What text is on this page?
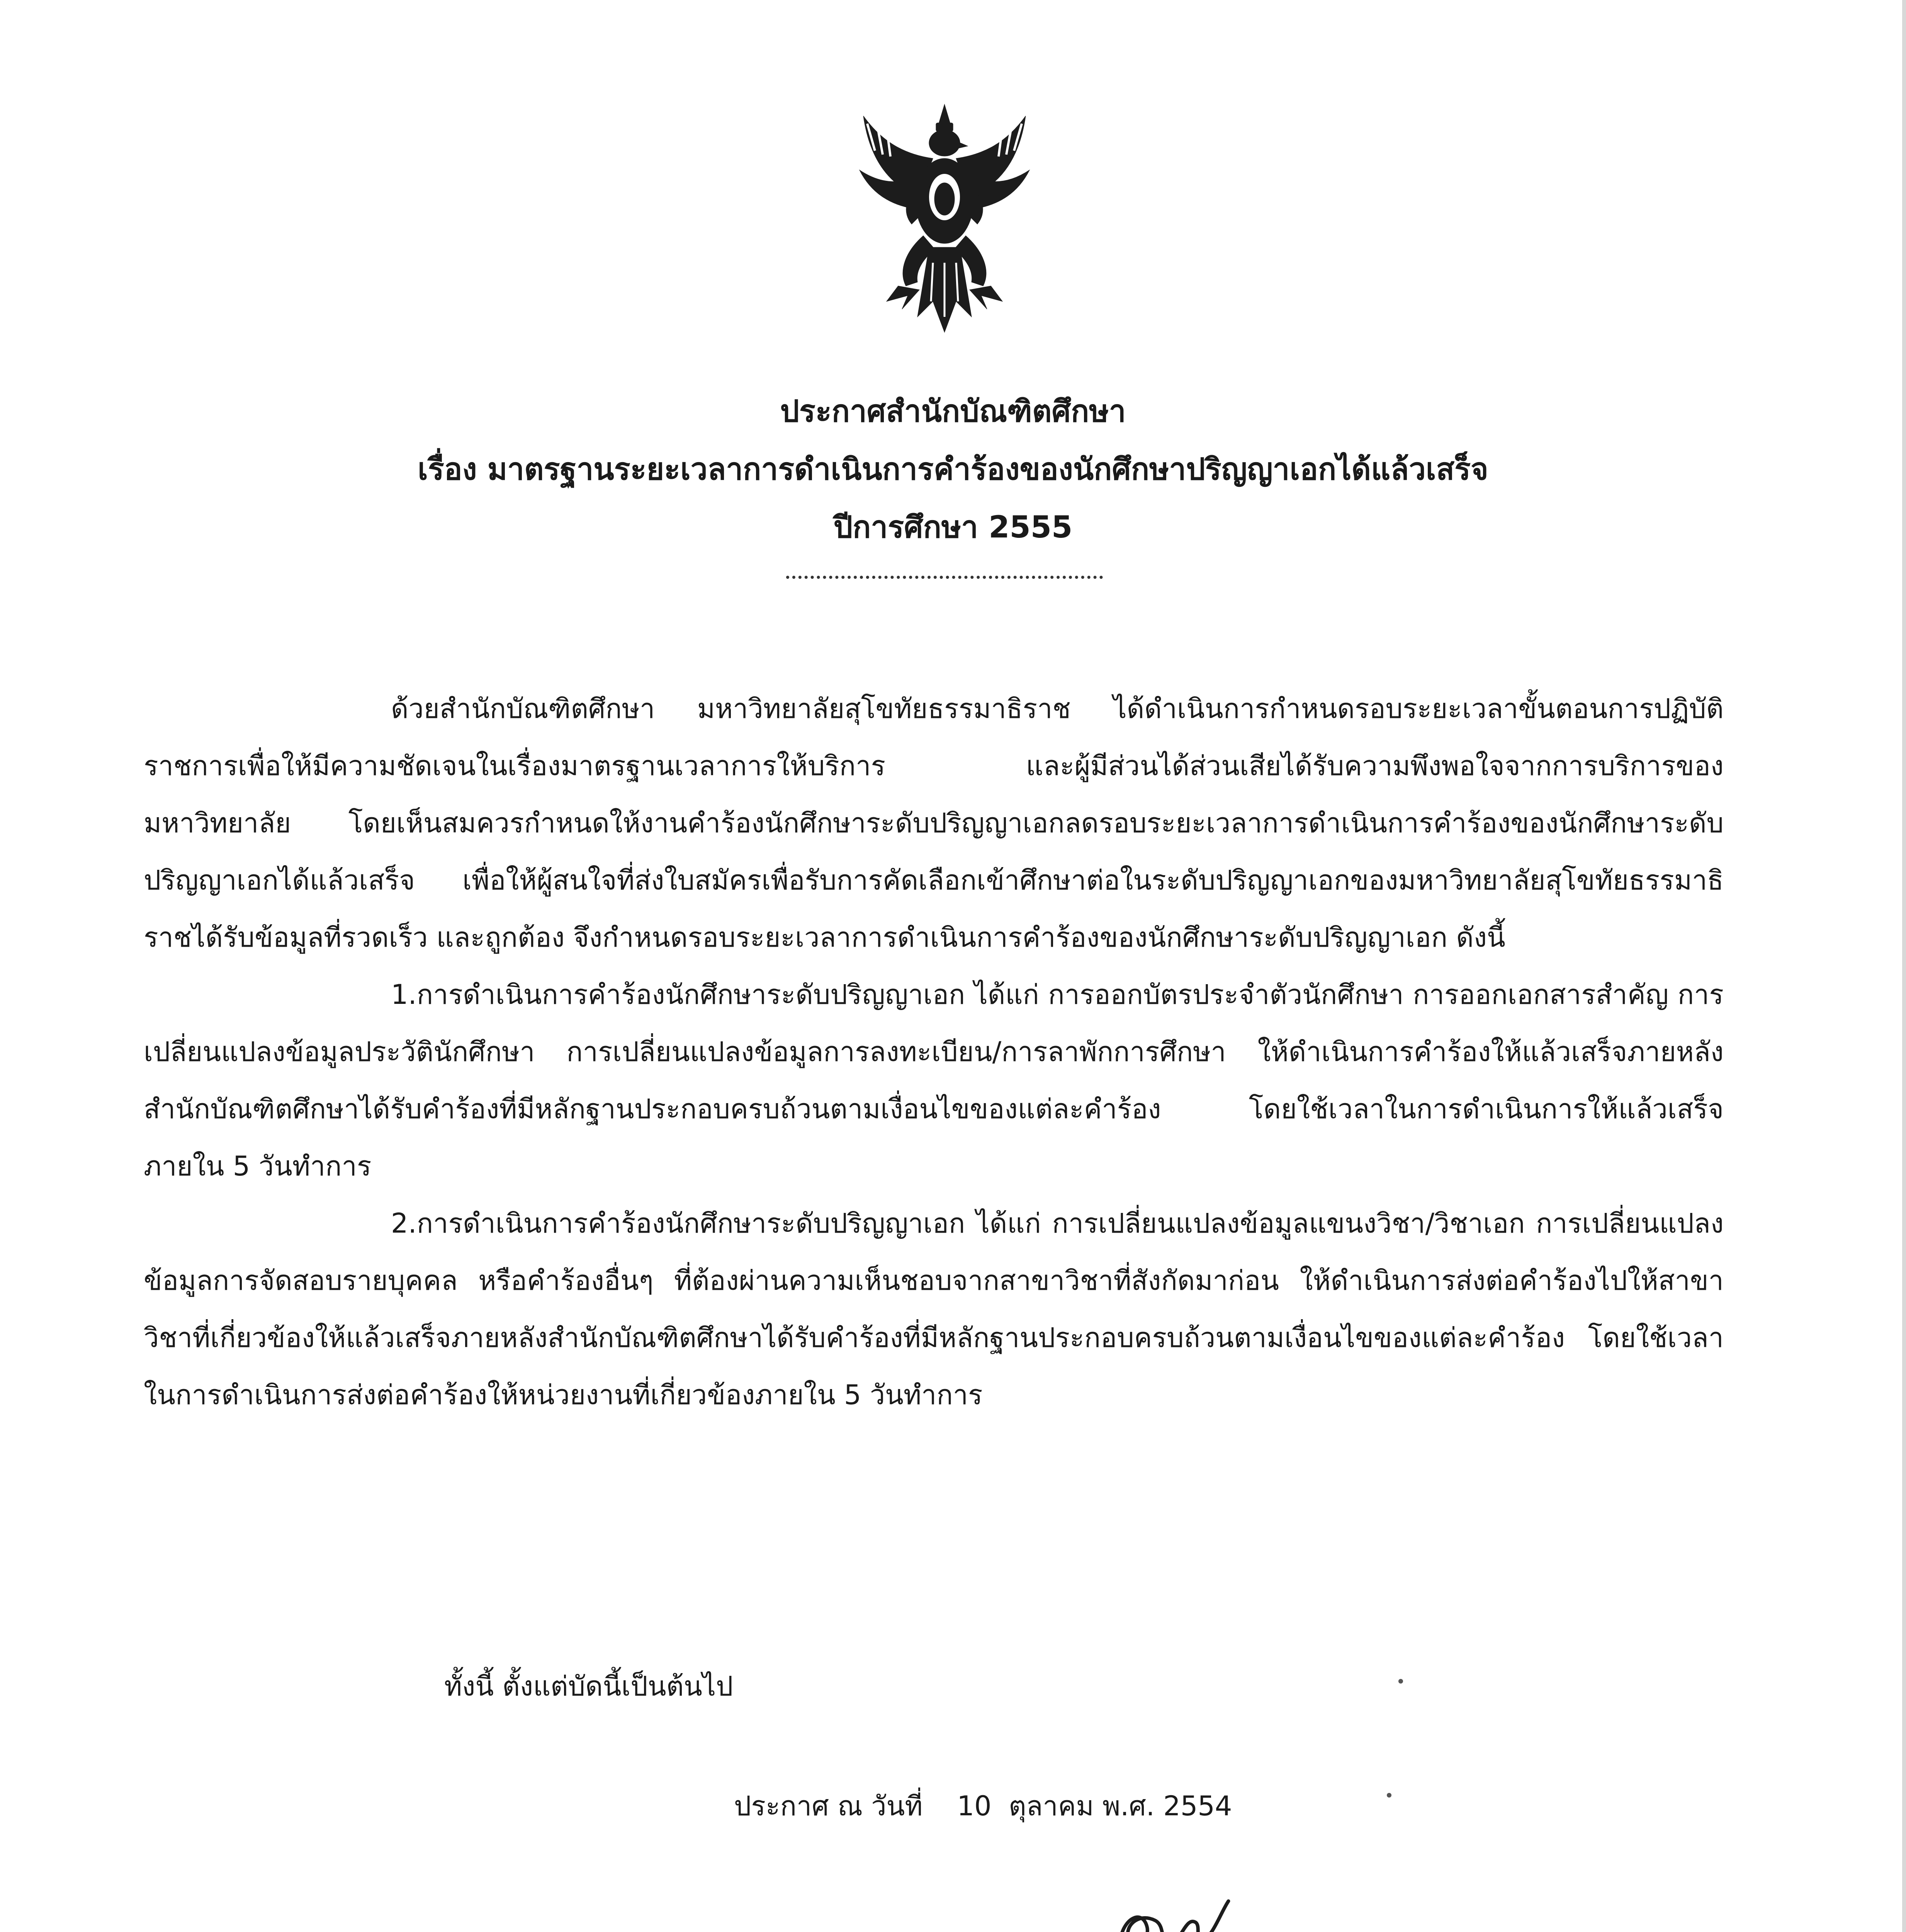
ประกาศสำนักบัณฑิตศึกษา
เรื่อง มาตรฐานระยะเวลาการดำเนินการคำร้องของนักศึกษาปริญญาเอกได้แล้วเสร็จ
ปีการศึกษา 2555

ด้วยสำนักบัณฑิตศึกษา มหาวิทยาลัยสุโขทัยธรรมาธิราช ได้ดำเนินการกำหนดรอบระยะเวลาขั้นตอนการปฏิบัติราชการเพื่อให้มีความชัดเจนในเรื่องมาตรฐานเวลาการให้บริการ และผู้มีส่วนได้ส่วนเสียได้รับความพึงพอใจจากการบริการของมหาวิทยาลัย โดยเห็นสมควรกำหนดให้งานคำร้องนักศึกษาระดับปริญญาเอกลดรอบระยะเวลาการดำเนินการคำร้องของนักศึกษาระดับปริญญาเอกได้แล้วเสร็จ เพื่อให้ผู้สนใจที่ส่งใบสมัครเพื่อรับการคัดเลือกเข้าศึกษาต่อในระดับปริญญาเอกของมหาวิทยาลัยสุโขทัยธรรมาธิราชได้รับข้อมูลที่รวดเร็ว และถูกต้อง จึงกำหนดรอบระยะเวลาการดำเนินการคำร้องของนักศึกษาระดับปริญญาเอก ดังนี้

1.การดำเนินการคำร้องนักศึกษาระดับปริญญาเอก ได้แก่ การออกบัตรประจำตัวนักศึกษา การออกเอกสารสำคัญ การเปลี่ยนแปลงข้อมูลประวัตินักศึกษา การเปลี่ยนแปลงข้อมูลการลงทะเบียน/การลาพักการศึกษา ให้ดำเนินการคำร้องให้แล้วเสร็จภายหลังสำนักบัณฑิตศึกษาได้รับคำร้องที่มีหลักฐานประกอบครบถ้วนตามเงื่อนไขของแต่ละคำร้อง โดยใช้เวลาในการดำเนินการให้แล้วเสร็จภายใน 5 วันทำการ

2.การดำเนินการคำร้องนักศึกษาระดับปริญญาเอก ได้แก่ การเปลี่ยนแปลงข้อมูลแขนงวิชา/วิชาเอก การเปลี่ยนแปลงข้อมูลการจัดสอบรายบุคคล หรือคำร้องอื่นๆ ที่ต้องผ่านความเห็นชอบจากสาขาวิชาที่สังกัดมาก่อน ให้ดำเนินการส่งต่อคำร้องไปให้สาขาวิชาที่เกี่ยวข้องให้แล้วเสร็จภายหลังสำนักบัณฑิตศึกษาได้รับคำร้องที่มีหลักฐานประกอบครบถ้วนตามเงื่อนไขของแต่ละคำร้อง โดยใช้เวลาในการดำเนินการส่งต่อคำร้องให้หน่วยงานที่เกี่ยวข้องภายใน 5 วันทำการ

ทั้งนี้ ตั้งแต่บัดนี้เป็นต้นไป
ประกาศ ณ วันที่    10  ตุลาคม พ.ศ. 2554
